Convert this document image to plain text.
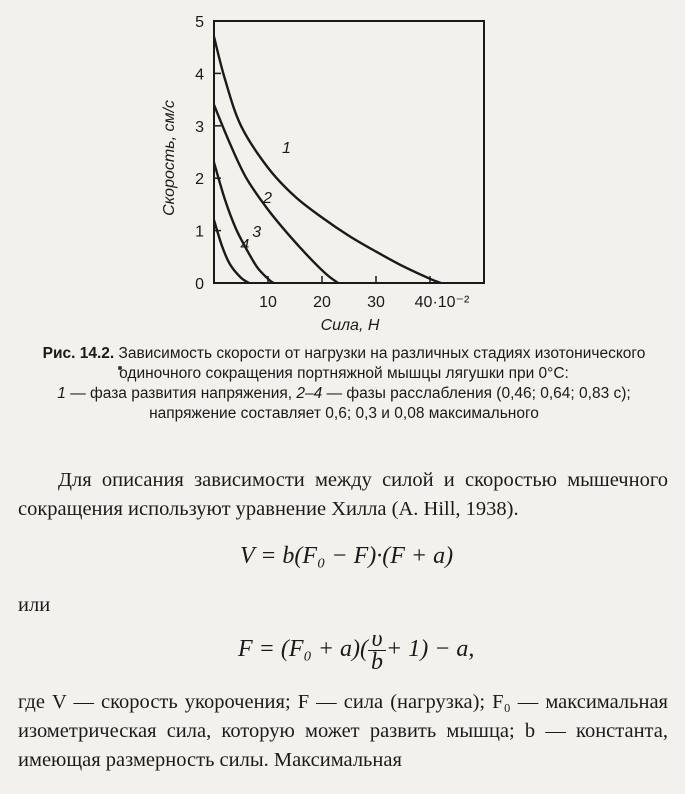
0
1
2
3
4
5
10 20 30 40·10⁻²
1
2
3
4
Скорость, см/с
Сила, Н
Рис. 14.2. Зависимость скорости от нагрузки на различных стадиях изотонического одиночного сокращения портняжной мышцы лягушки при 0°С:
1 — фаза развития напряжения, 2–4 — фазы расслабления (0,46; 0,64; 0,83 с); напряжение составляет 0,6; 0,3 и 0,08 максимального
Для описания зависимости между силой и скоростью мышечного сокращения используют уравнение Хилла (A. Hill, 1938).
V = b(F₀ − F)·(F + a)
или
$F = (F_0 + a)( \frac{\upsilon}{b} + 1) - a$,
где V — скорость укорочения; F — сила (нагрузка); F₀ — максимальная изометрическая сила, которую может развить мышца; b — константа, имеющая размерность силы. Максимальная
